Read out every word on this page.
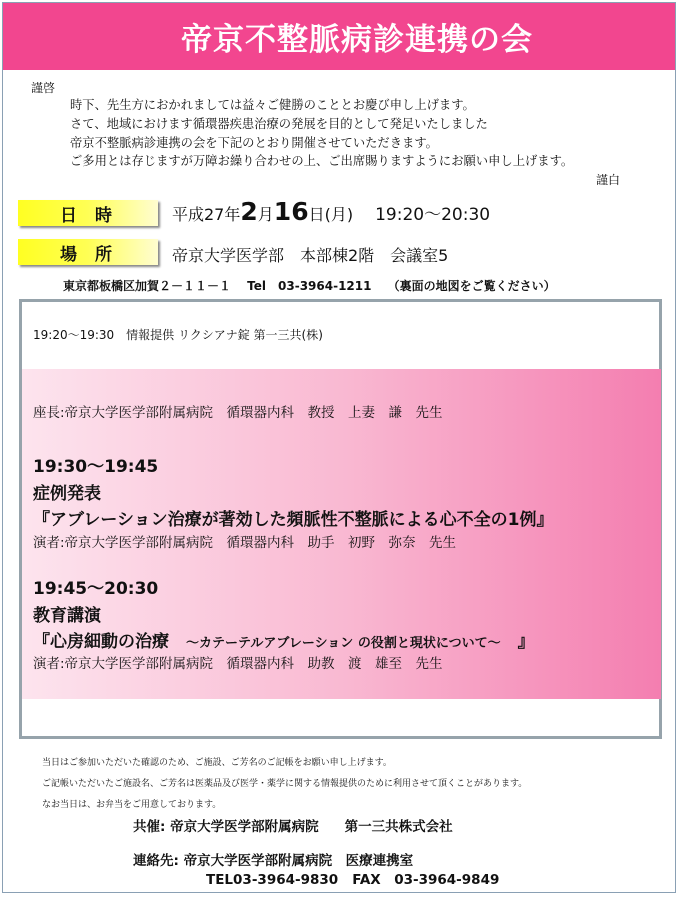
帝京不整脈病診連携の会
謹啓
時下、先生方におかれましては益々ご健勝のこととお慶び申し上げます。
さて、地域におけます循環器疾患治療の発展を目的として発足いたしました
帝京不整脈病診連携の会を下記のとおり開催させていただきます。
ご多用とは存じますが万障お繰り合わせの上、ご出席賜りますようにお願い申し上げます。
謹白
日時	平成27年2月16日(月) 19:20～20:30
場所	帝京大学医学部　本部棟2階　会議室5
東京都板橋区加賀２－１１－１　 Tel　03-3964-1211　 （裏面の地図をご覧ください）
19:20～19:30　情報提供 リクシアナ錠 第一三共(株)
座長:帝京大学医学部附属病院　循環器内科　教授　上妻　謙　先生
19:30～19:45
症例発表
『アブレーション治療が著効した頻脈性不整脈による心不全の1例』
演者:帝京大学医学部附属病院　循環器内科　助手　初野　弥奈　先生
19:45～20:30
教育講演
『心房細動の治療　～カテーテルアブレーション の役割と現状について～　』
演者:帝京大学医学部附属病院　循環器内科　助教　渡　雄至　先生
当日はご参加いただいた確認のため、ご施設、ご芳名のご記帳をお願い申し上げます。
ご記帳いただいたご施設名、ご芳名は医薬品及び医学・薬学に関する情報提供のために利用させて頂くことがあります。
なお当日は、お弁当をご用意しております。
共催: 帝京大学医学部附属病院 第一三共株式会社
連絡先: 帝京大学医学部附属病院　医療連携室
TEL03-3964-9830 FAX　03-3964-9849
